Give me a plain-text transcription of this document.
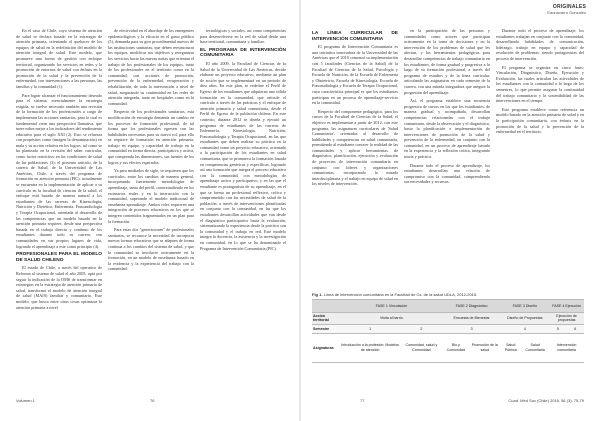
ORIGINALES
Eaunavarro Gonzalez

En el caso de Chile, cuyo sistema de atención de salud se declara basado en la estrategia de atención primaria, orientando el quehacer de los equipos de salud en la redefinición del modelo de atención integral de salud. Este modelo, que promueve una forma de gestión con enfoque territorial, organizando los servicios en redes y la promoción de entornos de salud con énfasis en la promoción de la salud y la prevención de la enfermedad, con intervenciones a las personas, las familias y la comunidad (1).

Para lograr alcanzar el funcionamiento deseado para el sistema, esencialmente la estrategia exigida, se vuelve necesario también una revisión de la formación de los profesionales a cargo de implementar las acciones sanitarias, para lo cual es fundamental crear una perspectiva llamativa, que tuere niños mejor a los indicadores del rendimiento educativo para el siglo XXI (2). Esto se refuerza con propósitos como (imagen la denominación) en mala y su acción relativa en los logros, tal como se ha planteado en la revisión del saber curricular, como factor restrictivo en las condiciones de salud de las poblaciones (3); el presente artículo, de la carrera de Salud, de la Universidad de Las Américas, Chile, a través del programa de formación en atención primaria (PIC), actualmente se encuentra en la implementación de aplicar a su currículo en la facultad de ciencias de la salud, el enfoque está basado de manera natural a los estudiantes de las carreras de Kinesiología, Nutrición y Dietética, Enfermería, Fonoaudiología y Terapia Ocupacional, orientada al desarrollo de las competencias que un modelo basado en la atención primaria requiere, desde una perspectiva basada en el trabajo directo y continuo de los estudiantes durante todo su carrera, con comunidades en sus propios lugares de vida, logrando el aprendizaje a este como principio (4).

PROFESIONALES PARA EL MODELO DE SALUD CHILENO

El estado de Chile, a través del operativo de Reforma al sistema de salud el año 2005, optó por seguir la indicación de la OMS de transformar en estrategias en la estrategia de atención primaria de salud, transformó el modelo de atención integral de salud (MAIS) familiar y comunitario. Este modelo, que busca entre otras cosas optimizar la atención primaria a nivel

de efectividad en el abordaje de los emergentes epidemiológicos y la eficacia en el gasto público (5), demanda para su giro procedimental nuevos de las instituciones sanitarias, que deben reestructurar los equipos, modificar sus objetivos y reorganizar los servicios hacia las nuevas metas que orientan el trabajo de los profesionales de los equipos, tanto de los profesionales en el territorio como en la comunidad, con acciones de promoción, prevención de la enfermedad, recuperación y rehabilitación, de toda la intervención a nivel de salud, asegurando su continuidad en las redes de atención integrada, tanto en hospitales como en la comunidad.

Respecto de los profesionales sanitarios, esta modificación de estrategia demanda un cambio en los procesos de formación profesional, de tal forma que los profesionales egresen con las habilidades necesarias para su nuevo rol, para ello se requiere de formación en atención primaria, trabajo en equipo, y capacidad de trabajo en la comunidad en forma directa, participativa y activa, que comprenda las dimensiones, sus fuentes de los logros y sus efectos esperados.

Ya para mediados de siglo, se requieren que los currículos, entre los cambios de manera general, incorporando fuertemente metodologías de aprendizaje, tanto del perfil, contextualizado en los escenarios reales y en la interacción con la comunidad, superando el modelo tradicional de enseñanza-aprendizaje. Ambos roles requieren una integración de procesos educativos en los que se integren contenidos fragmentados en un plan para la formación.

Para estas dos "generaciones" de profesionales sanitarios, se reconoce la necesidad de incorporar nuevas formas educativas que se adapten de forma continua a los cambios del sistema de salud, y que la comunidad se involucre activamente en la formación, en un modelo de enseñanza basado en la evidencia y la experiencia del trabajo con la comunidad.

tecnológicas y sociales, así como competencias para desenvolverse en la red de salud desde una base territorial, comunitaria y familiar.

EL PROGRAMA DE INTERVENCIÓN COMUNITARIA

El año 2009, la Facultad de Ciencias de la Salud de la Universidad de Las Américas, decide elaborar un proyecto educativo, mediante un plan de acción que se implementará en un periodo de diez años. En este plan, se redefine el Perfil de Egreso de los estudiantes que adquieran una sólida formación en la comunidad, que articule el currículo a través de las prácticas y el enfoque de atención primaria y salud comunitaria, desde el Perfil de Egreso de la población chilena. En este contexto, durante 2012 se diseña y ejecutó un programa de estudiantes de las carreras de Enfermería, Kinesiología, Nutrición, Fonoaudiología y Terapia Ocupacional, en las que estudiantes que deben realizar su práctica en la comunidad como un proyecto educativo, orientado a la participación de los estudiantes en salud comunitaria, que se promueva la formación basada en competencias genéricas y específicas, logrando así una formación que integra el proceso educativo con la comunidad, con metodologías de aprendizaje activo y participativo, y en las que el estudiante es protagonista de su aprendizaje, en el que se forma un profesional reflexivo, crítico y comprometido con las necesidades de salud de la población, a través de intervenciones planificadas en conjunto con la comunidad, en las que los estudiantes desarrollan actividades que van desde el diagnóstico participativo hasta la evaluación, sistematizando la experiencia desde la práctica con la comunidad y el trabajo en red. Este modelo integra la docencia, la asistencia y la investigación en comunidad, en lo que se ha denominado el Programa de Intervención Comunitaria (PIC).

LA LÍNEA CURRICULAR DE INTERVENCIÓN COMUNITARIA

El programa de Intervención Comunitaria es una iniciativa innovadora de la Universidad de las Américas que el 2010 comenzó su implementación con 5 facultades (Ciencias de la Salud) de la Facultad de Ciencias de la Salud, Psicología y Escuela de Nutrición, de la Escuela de Enfermería y Obstetricia, Escuela de Kinesiología, Escuela de Fonoaudiología y Escuela de Terapia Ocupacional, cuya característica principal es que los estudiantes participan en un proceso de aprendizaje-servicio en la comunidad.

Respecto del componente pedagógico, para los cursos de la Facultad de Ciencias de la Salud, el objetivo es implementar a partir de 2012, con este programa, las asignaturas curriculares de 'Salud Comunitaria', orientadas al desarrollo de habilidades y competencias en salud comunitaria, permitiendo al estudiante conocer la realidad de las comunidades y aplicar herramientas de diagnóstico, planificación, ejecución y evaluación de proyectos de intervención comunitaria en conjunto con líderes y organizaciones comunitarias, incorporando la mirada interdisciplinaria y el trabajo en equipo de salud en los niveles de intervención.

en la participación de las personas y comunidades como actores que participan activamente en la toma de decisiones y en la intervención de los problemas de salud que les afectan, y las herramientas pedagógicas para desarrollar competencias de trabajo comunitario en los estudiantes, de forma gradual y progresiva a lo largo de su formación profesional, a través del programa de estudios y de la línea curricular, articulando las asignaturas en cada semestre de la carrera, con una mirada integradora que asegure la progresión del aprendizaje.

Así, el programa establece una secuencia progresiva de cursos en los que los estudiantes, de manera gradual y acompañada, desarrollan competencias relacionadas con el trabajo comunitario, desde la observación y el diagnóstico, hasta la planificación e implementación de intervenciones de promoción de la salud y prevención de la enfermedad, en conjunto con la comunidad, en un proceso de aprendizaje basado en la experiencia y la reflexión crítica, integrando teoría y práctica.

Durante todo el proceso de aprendizaje, los estudiantes desarrollan una relación de compromiso con la comunidad, comprendiendo sus necesidades y recursos.

Durante todo el proceso de aprendizaje, los estudiantes trabajan en conjunto con la comunidad, desarrollando habilidades de comunicación, liderazgo, trabajo en equipo y capacidad de resolución de problemas, siendo protagonistas del proceso de intervención.

El programa se organiza en cinco fases: Vinculación, Diagnóstico, Diseño, Ejecución y Evaluación, las cuales articulan las actividades de los estudiantes con la comunidad a lo largo de los semestres, lo que permite asegurar la continuidad del trabajo comunitario y la sostenibilidad de las intervenciones en el tiempo.

Este programa establece como referencia un modelo basado en la atención primaria de salud y en la participación comunitaria, con énfasis en la promoción de la salud y la prevención de la enfermedad en el territorio.

Fig 1. Línea de intervención comunitaria en la Facultad de Cs. de la salud UDLA, 2012-2015.
	FASE 1 Vinculación		FASE 2 Diagnóstico		FASE 3 Diseño		FASE 4 Ejecución	
Acción territorial	Visita al barrio		Encuesta de Bienestar		Diseño de Propuestas		Ejecución de propuestas	
Semestre	1	2	3		4		5	6
Asignaturas	Introducción a la profesión: Modelos de atención	Comunidad, salud y Comunidad	Bio y Comunidad	Promoción de la salud	Salud Pública	Salud Comunitaria	Intervención comunitaria	
Volumen 1	76	77	Cuad. Méd Soc (Chile) 2016, 56 (3): 75-79
